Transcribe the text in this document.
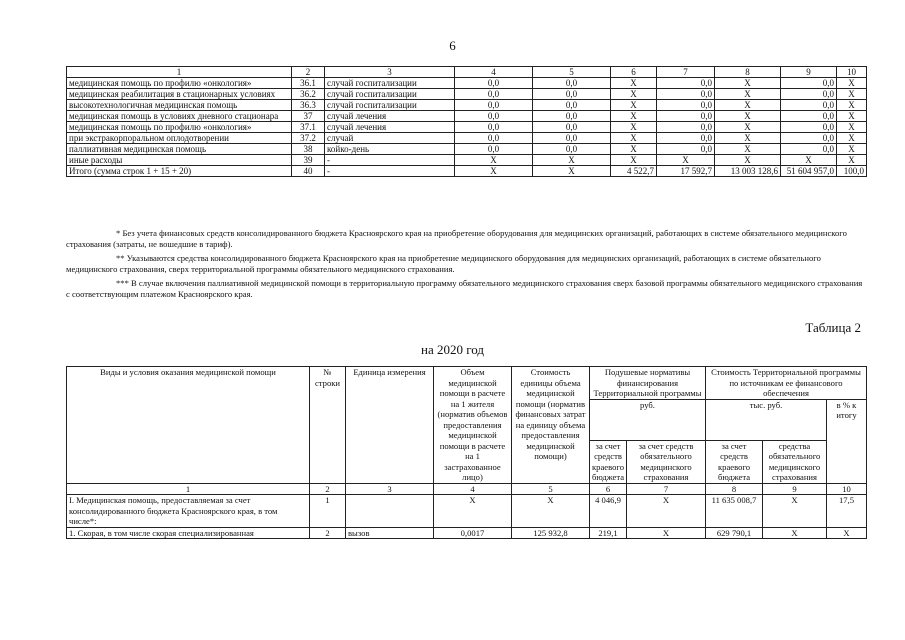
6
1	2	3	4	5	6	7	8	9	10
медицинская помощь по профилю «онкология»	36.1	случай госпитализации	0,0	0,0	X	0,0	X	0,0	X
медицинская реабилитация в стационарных условиях	36.2	случай госпитализации	0,0	0,0	X	0,0	X	0,0	X
высокотехнологичная медицинская помощь	36.3	случай госпитализации	0,0	0,0	X	0,0	X	0,0	X
медицинская помощь в условиях дневного стационара	37	случай лечения	0,0	0,0	X	0,0	X	0,0	X
медицинская помощь по профилю «онкология»	37.1	случай лечения	0,0	0,0	X	0,0	X	0,0	X
при экстракорпоральном оплодотворении	37.2	случай	0,0	0,0	X	0,0	X	0,0	X
паллиативная медицинская помощь	38	койко-день	0,0	0,0	X	0,0	X	0,0	X
иные расходы	39	-	X	X	X	X	X	X	X
Итого (сумма строк 1 + 15 + 20)	40	-	X	X	4 522,7	17 592,7	13 003 128,6	51 604 957,0	100,0
* Без учета финансовых средств консолидированного бюджета Красноярского края на приобретение оборудования для медицинских организаций, работающих в системе обязательного медицинского страхования (затраты, не вошедшие в тариф).
** Указываются средства консолидированного бюджета Красноярского края на приобретение медицинского оборудования для медицинских организаций, работающих в системе обязательного медицинского страхования, сверх территориальной программы обязательного медицинского страхования.
*** В случае включения паллиативной медицинской помощи в территориальную программу обязательного медицинского страхования сверх базовой программы обязательного медицинского страхования с соответствующим платежом Красноярского края.
Таблица 2
на 2020 год
Виды и условия оказания медицинской помощи	№ строки	Единица измерения	Объем медицинской помощи в расчете на 1 жителя (норматив объемов предоставления медицинской помощи в расчете на 1 застрахованное лицо)	Стоимость единицы объема медицинской помощи (норматив финансовых затрат на единицу объема предоставления медицинской помощи)	Подушевые нормативы финансирования Территориальной программы		Стоимость Территориальной программы по источникам ее финансового обеспечения		
					руб.		тыс. руб.		в % к итогу
					за счет средств краевого бюджета	за счет средств обязательного медицинского страхования	за счет средств краевого бюджета	средства обязательного медицинского страхования	
1	2	3	4	5	6	7	8	9	10
I. Медицинская помощь, предоставляемая за счет консолидированного бюджета Красноярского края, в том числе*:	1		X	X	4 046,9	X	11 635 008,7	X	17,5
1. Скорая, в том числе скорая специализированная	2	вызов	0,0017	125 932,8	219,1	X	629 790,1	X	X
